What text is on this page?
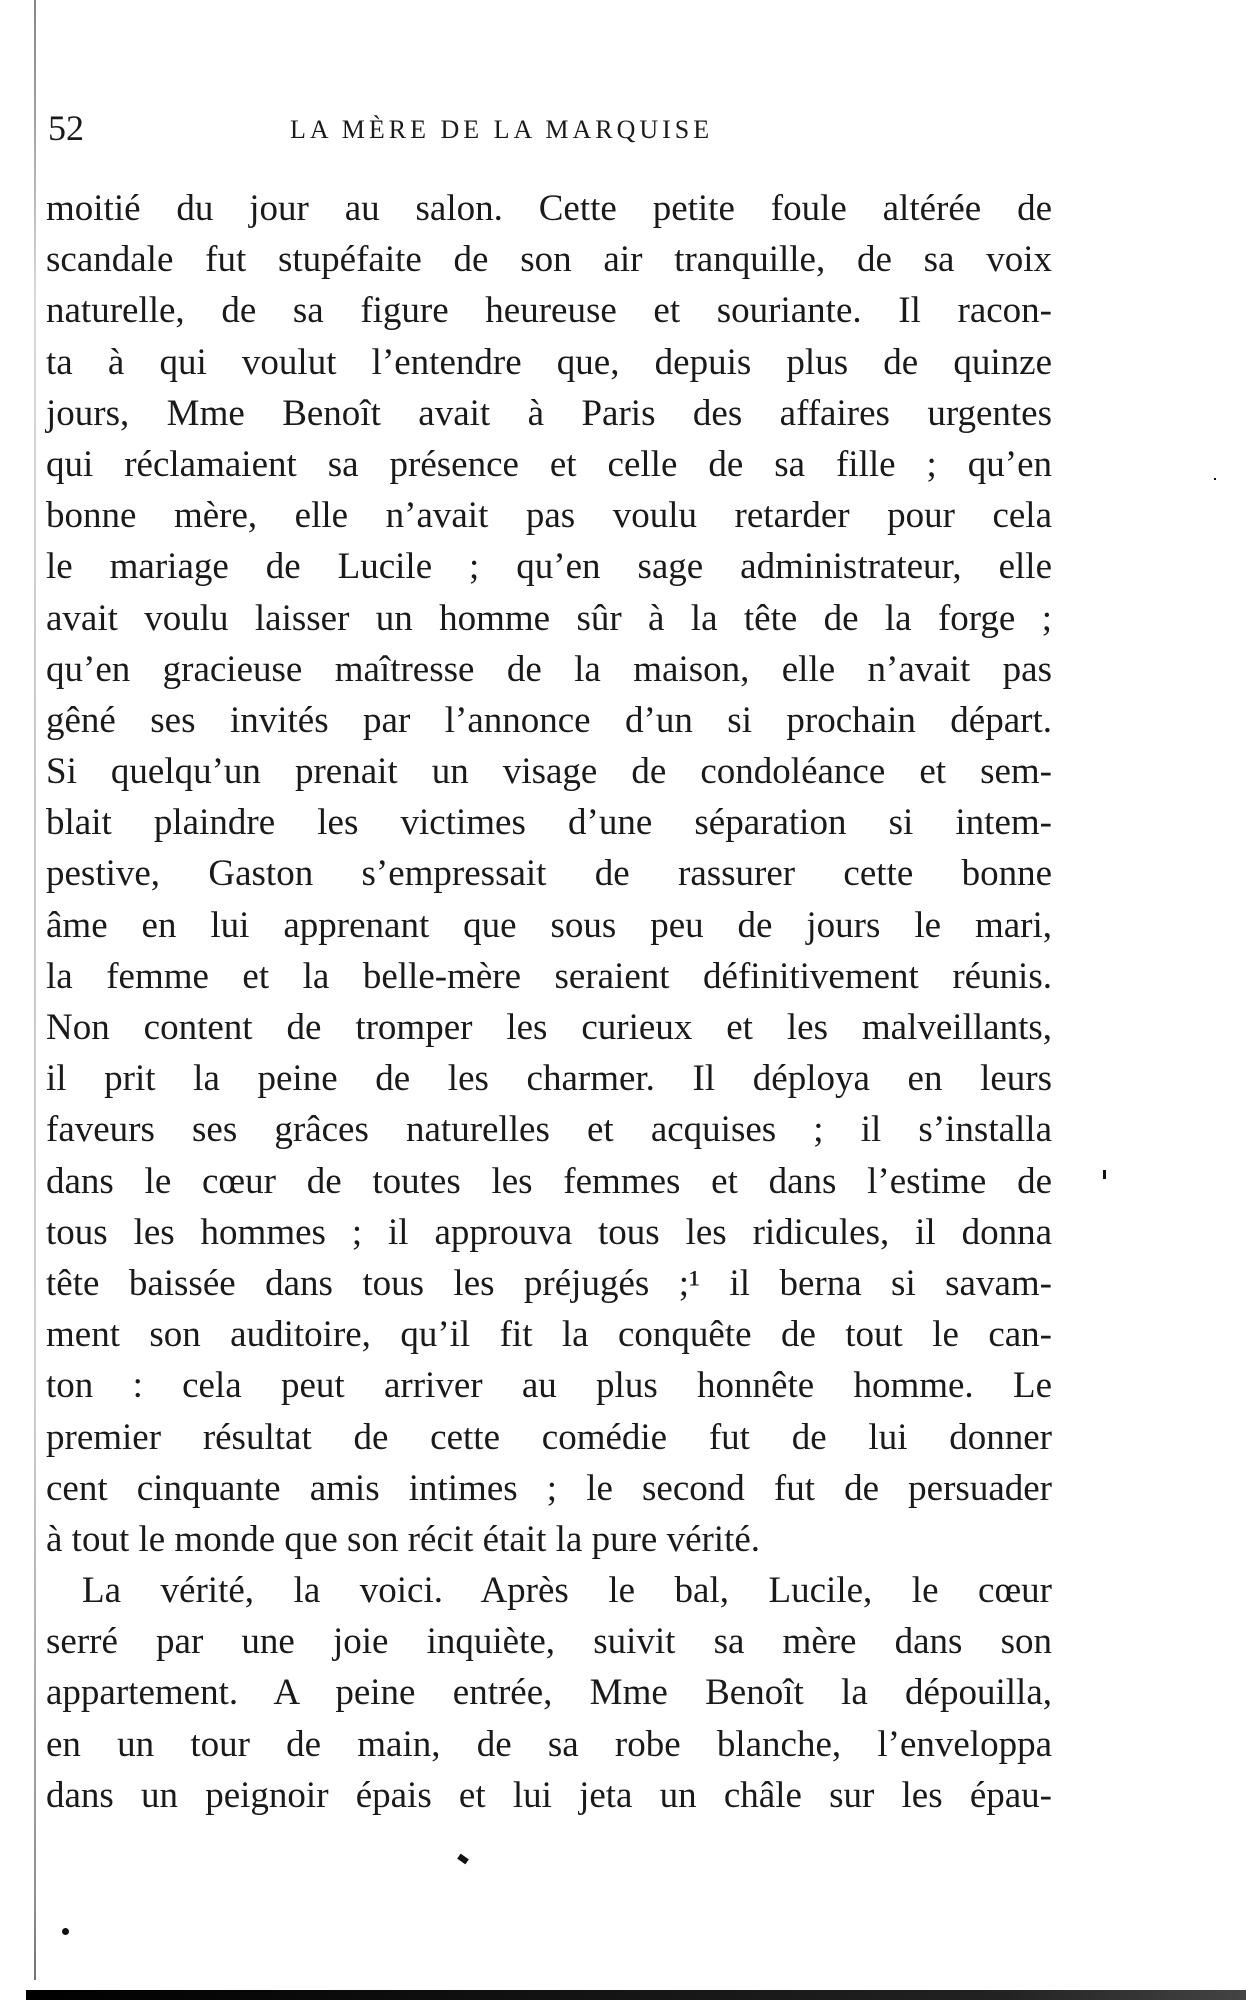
52	LA MÈRE DE LA MARQUISE
moitié du jour au salon. Cette petite foule altérée de
scandale fut stupéfaite de son air tranquille, de sa voix
naturelle, de sa figure heureuse et souriante. Il racon-
ta à qui voulut l’entendre que, depuis plus de quinze
jours, Mme Benoît avait à Paris des affaires urgentes
qui réclamaient sa présence et celle de sa fille ; qu’en
bonne mère, elle n’avait pas voulu retarder pour cela
le mariage de Lucile ; qu’en sage administrateur, elle
avait voulu laisser un homme sûr à la tête de la forge ;
qu’en gracieuse maîtresse de la maison, elle n’avait pas
gêné ses invités par l’annonce d’un si prochain départ.
Si quelqu’un prenait un visage de condoléance et sem-
blait plaindre les victimes d’une séparation si intem-
pestive, Gaston s’empressait de rassurer cette bonne
âme en lui apprenant que sous peu de jours le mari,
la femme et la belle-mère seraient définitivement réunis.
Non content de tromper les curieux et les malveillants,
il prit la peine de les charmer. Il déploya en leurs
faveurs ses grâces naturelles et acquises ; il s’installa
dans le cœur de toutes les femmes et dans l’estime de
tous les hommes ; il approuva tous les ridicules, il donna
tête baissée dans tous les préjugés ;¹ il berna si savam-
ment son auditoire, qu’il fit la conquête de tout le can-
ton : cela peut arriver au plus honnête homme. Le
premier résultat de cette comédie fut de lui donner
cent cinquante amis intimes ; le second fut de persuader
à tout le monde que son récit était la pure vérité.
La vérité, la voici. Après le bal, Lucile, le cœur
serré par une joie inquiète, suivit sa mère dans son
appartement. A peine entrée, Mme Benoît la dépouilla,
en un tour de main, de sa robe blanche, l’enveloppa
dans un peignoir épais et lui jeta un châle sur les épau-
